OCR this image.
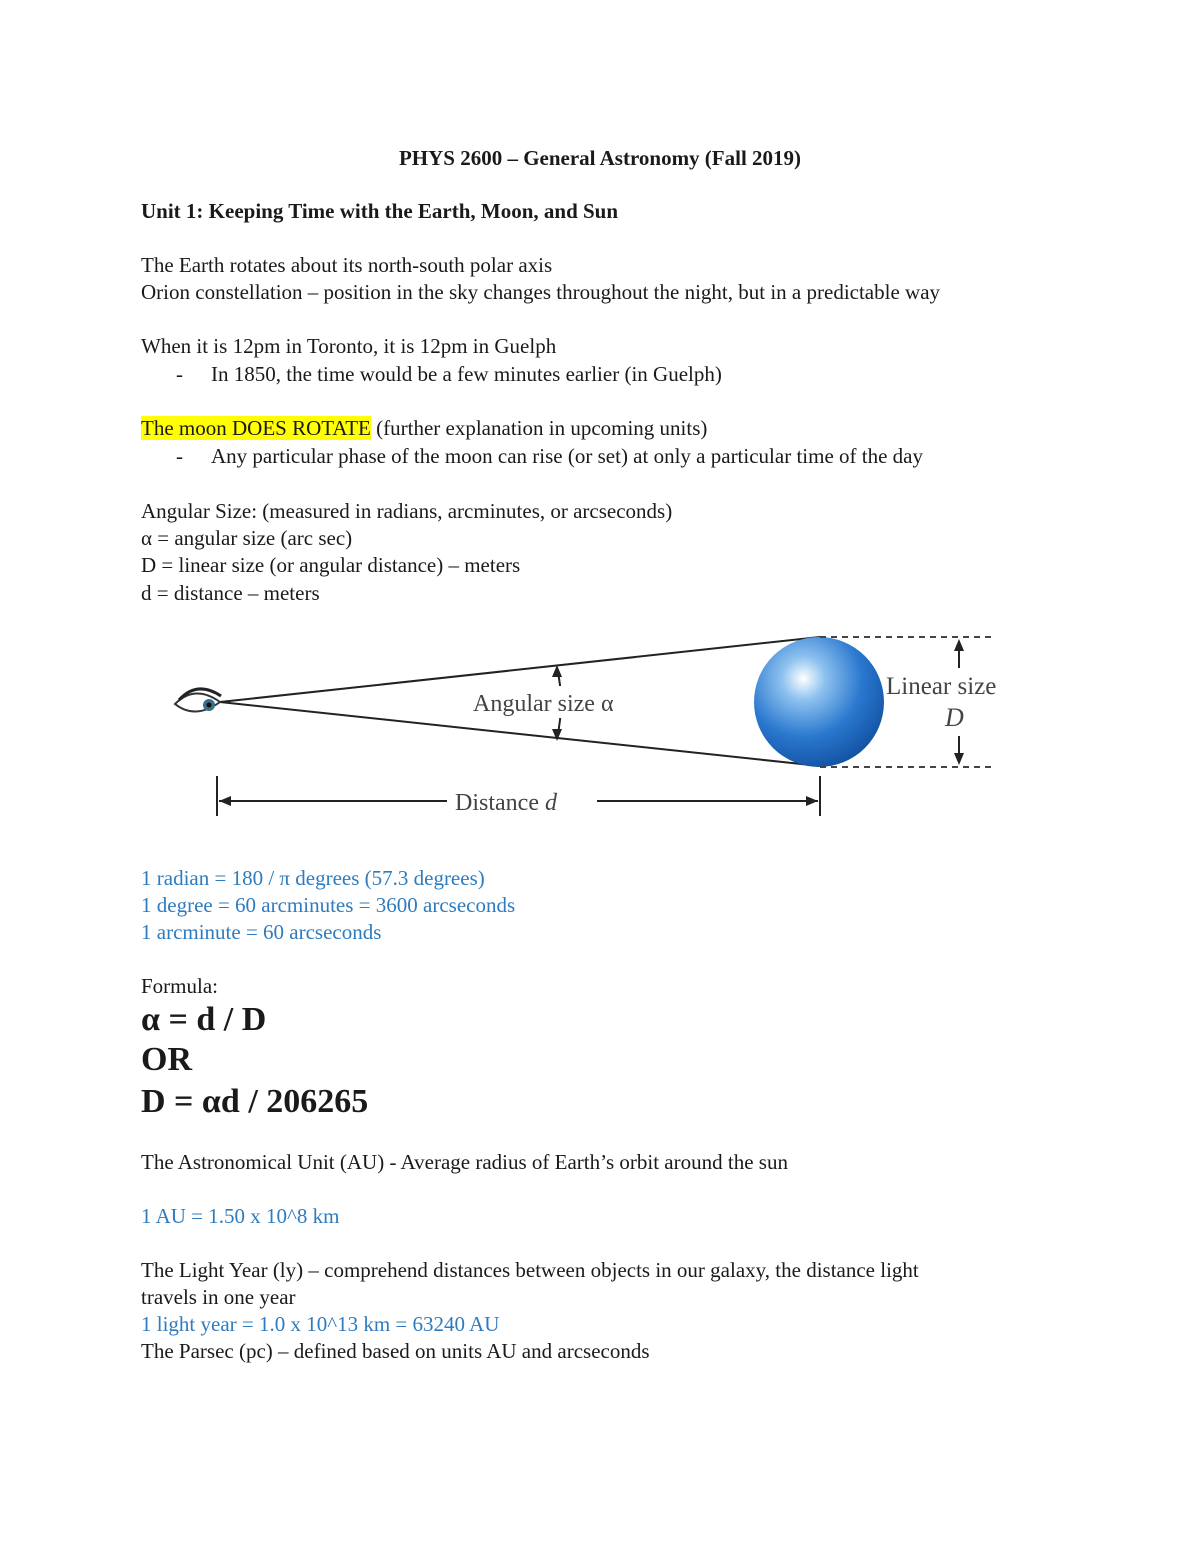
PHYS 2600 – General Astronomy (Fall 2019)
Unit 1: Keeping Time with the Earth, Moon, and Sun
The Earth rotates about its north-south polar axis
Orion constellation – position in the sky changes throughout the night, but in a predictable way
When it is 12pm in Toronto, it is 12pm in Guelph
- In 1850, the time would be a few minutes earlier (in Guelph)
The moon DOES ROTATE (further explanation in upcoming units)
- Any particular phase of the moon can rise (or set) at only a particular time of the day
Angular Size: (measured in radians, arcminutes, or arcseconds)
α = angular size (arc sec)
D = linear size (or angular distance) – meters
d = distance – meters
Angular size α
Linear size
D
Distance d
1 radian = 180 / π degrees (57.3 degrees)
1 degree = 60 arcminutes = 3600 arcseconds
1 arcminute = 60 arcseconds
Formula:
α = d / D
OR
D = αd / 206265
The Astronomical Unit (AU) - Average radius of Earth’s orbit around the sun
1 AU = 1.50 x 10^8 km
The Light Year (ly) – comprehend distances between objects in our galaxy, the distance light
travels in one year
1 light year = 1.0 x 10^13 km = 63240 AU
The Parsec (pc) – defined based on units AU and arcseconds
